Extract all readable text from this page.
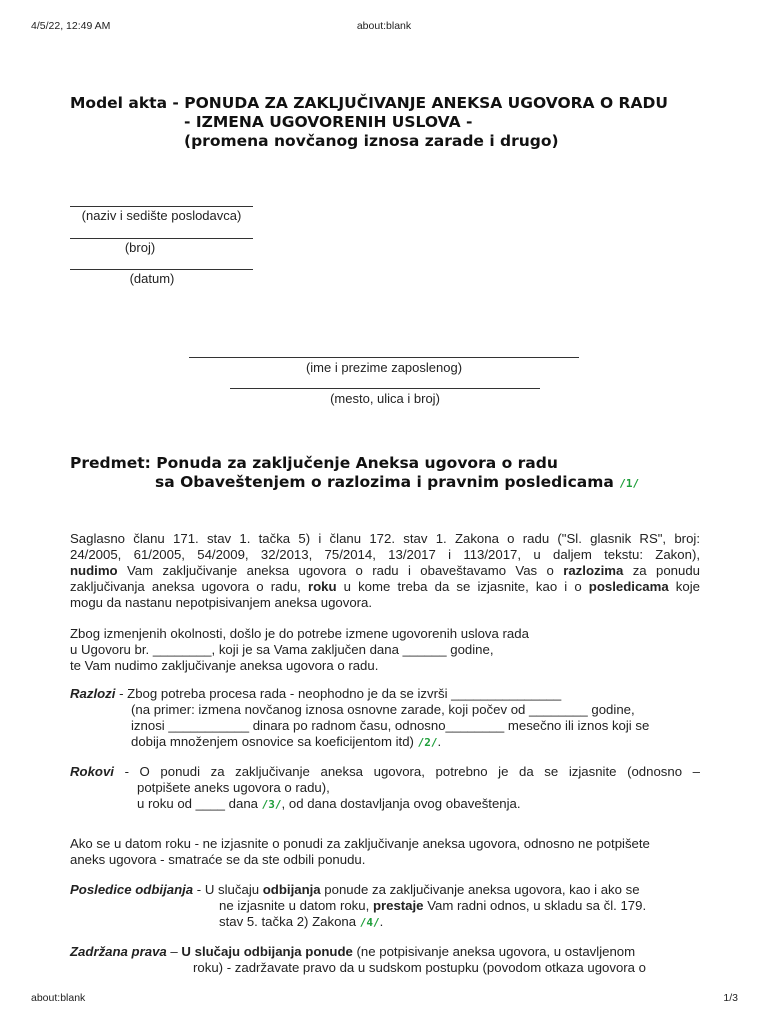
4/5/22, 12:49 AM	about:blank
Model akta - PONUDA ZA ZAKLJUČIVANJE ANEKSA UGOVORA O RADU
- IZMENA UGOVORENIH USLOVA -
(promena novčanog iznosa zarade i drugo)
(naziv i sedište poslodavca)
(broj)
(datum)
(ime i prezime zaposlenog)
(mesto, ulica i broj)
Predmet: Ponuda za zaključenje Aneksa ugovora o radu
sa Obaveštenjem o razlozima i pravnim posledicama /1/
Saglasno članu 171. stav 1. tačka 5) i članu 172. stav 1. Zakona o radu ("Sl. glasnik RS", broj:
24/2005, 61/2005, 54/2009, 32/2013, 75/2014, 13/2017 i 113/2017, u daljem tekstu: Zakon),
nudimo Vam zaključivanje aneksa ugovora o radu i obaveštavamo Vas o razlozima za ponudu
zaključivanja aneksa ugovora o radu, roku u kome treba da se izjasnite, kao i o posledicama koje
mogu da nastanu nepotpisivanjem aneksa ugovora.
Zbog izmenjenih okolnosti, došlo je do potrebe izmene ugovorenih uslova rada
u Ugovoru br. ________, koji je sa Vama zaključen dana ______ godine,
te Vam nudimo zaključivanje aneksa ugovora o radu.
Razlozi - Zbog potreba procesa rada - neophodno je da se izvrši _______________
(na primer: izmena novčanog iznosa osnovne zarade, koji počev od ________ godine,
iznosi ___________ dinara po radnom času, odnosno________ mesečno ili iznos koji se
dobija množenjem osnovice sa koeficijentom itd) /2/.
Rokovi - O ponudi za zaključivanje aneksa ugovora, potrebno je da se izjasnite (odnosno –
potpišete aneks ugovora o radu),
u roku od ____ dana /3/, od dana dostavljanja ovog obaveštenja.
Ako se u datom roku - ne izjasnite o ponudi za zaključivanje aneksa ugovora, odnosno ne potpišete
aneks ugovora - smatraće se da ste odbili ponudu.
Posledice odbijanja - U slučaju odbijanja ponude za zaključivanje aneksa ugovora, kao i ako se
ne izjasnite u datom roku, prestaje Vam radni odnos, u skladu sa čl. 179.
stav 5. tačka 2) Zakona /4/.
Zadržana prava – U slučaju odbijanja ponude (ne potpisivanje aneksa ugovora, u ostavljenom
roku) - zadržavate pravo da u sudskom postupku (povodom otkaza ugovora o
about:blank	1/3
